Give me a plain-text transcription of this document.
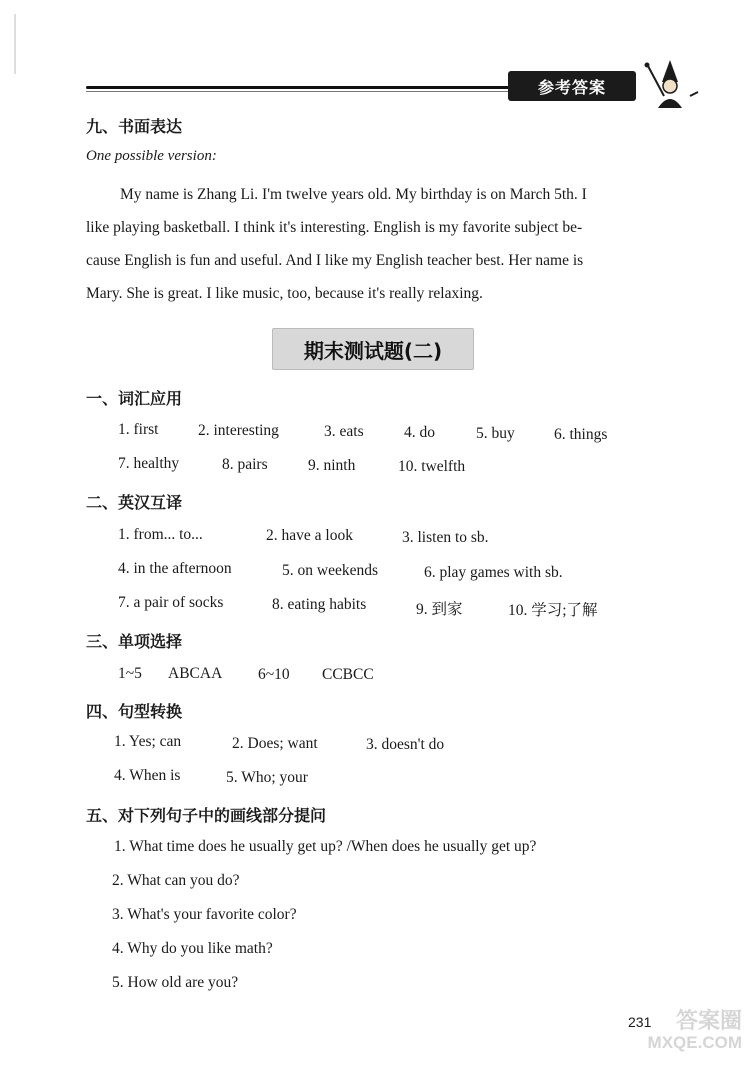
参考答案
九、书面表达
One possible version:

My name is Zhang Li. I'm twelve years old. My birthday is on March 5th. I

like playing basketball. I think it's interesting. English is my favorite subject be-

cause English is fun and useful. And I like my English teacher best. Her name is

Mary. She is great. I like music, too, because it's really relaxing.

期末测试题(二)
一、词汇应用
1. first	2. interesting	3. eats	4. do	5. buy	6. things
7. healthy	8. pairs	9. ninth	10. twelfth
二、英汉互译
1. from... to...	2. have a look	3. listen to sb.
4. in the afternoon	5. on weekends	6. play games with sb.
7. a pair of socks	8. eating habits	9. 到家	10. 学习;了解
三、单项选择
1~5 ABCAA 6~10 CCBCC
四、句型转换
1. Yes; can	2. Does; want	3. doesn't do
4. When is	5. Who; your
五、对下列句子中的画线部分提问
1. What time does he usually get up? /When does he usually get up?
2. What can you do?
3. What's your favorite color?
4. Why do you like math?
5. How old are you?
231	答案圈
MXQE.COM
